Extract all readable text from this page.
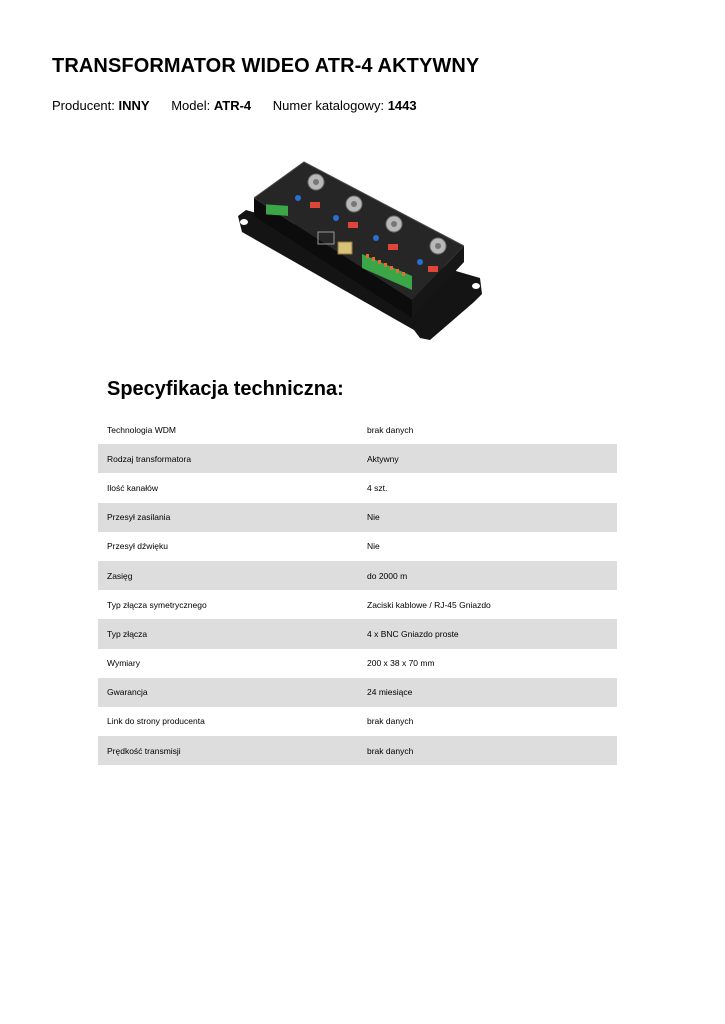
TRANSFORMATOR WIDEO ATR-4 AKTYWNY
Producent: INNY Model: ATR-4 Numer katalogowy: 1443
Specyfikacja techniczna:
Technologia WDM	brak danych
Rodzaj transformatora	Aktywny
Ilość kanałów	4 szt.
Przesył zasilania	Nie
Przesył dźwięku	Nie
Zasięg	do 2000 m
Typ złącza symetrycznego	Zaciski kablowe / RJ-45 Gniazdo
Typ złącza	4 x BNC Gniazdo proste
Wymiary	200 x 38 x 70 mm
Gwarancja	24 miesiące
Link do strony producenta	brak danych
Prędkość transmisji	brak danych
